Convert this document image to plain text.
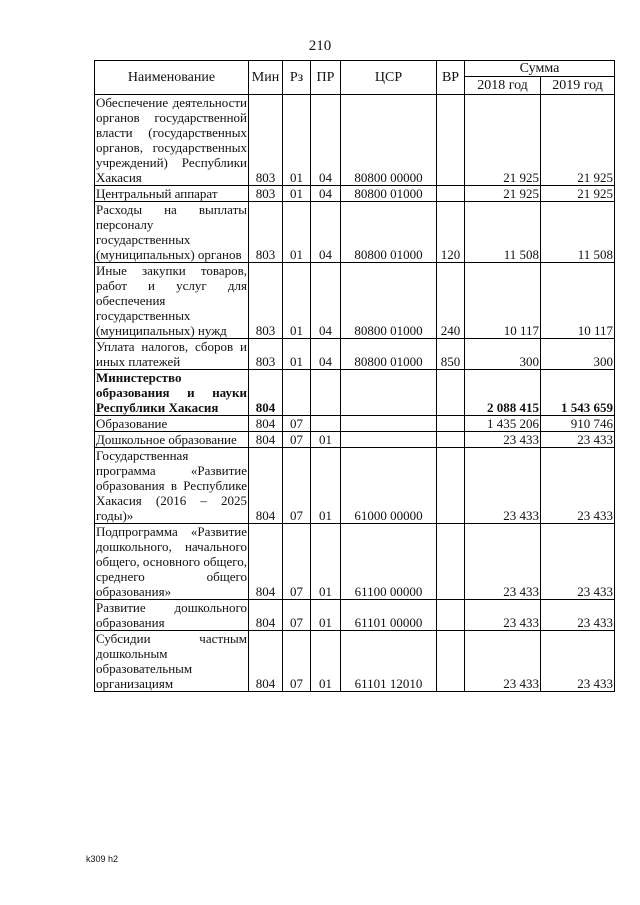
210
Наименование	Мин	Рз	ПР	ЦСР	ВР	Сумма	
						2018 год	2019 год
Обеспечение деятельности органов государственной власти (государственных органов, государственных учреждений) Республики Хакасия	803	01	04	80800 00000		21 925	21 925
Центральный аппарат	803	01	04	80800 01000		21 925	21 925
Расходы на выплаты персоналу государственных (муниципальных) органов	803	01	04	80800 01000	120	11 508	11 508
Иные закупки товаров, работ и услуг для обеспечения государственных (муниципальных) нужд	803	01	04	80800 01000	240	10 117	10 117
Уплата налогов, сборов и иных платежей	803	01	04	80800 01000	850	300	300
Министерство образования и науки Республики Хакасия	804					2 088 415	1 543 659
Образование	804	07				1 435 206	910 746
Дошкольное образование	804	07	01			23 433	23 433
Государственная программа «Развитие образования в Республике Хакасия (2016 – 2025 годы)»	804	07	01	61000 00000		23 433	23 433
Подпрограмма «Развитие дошкольного, начального общего, основного общего, среднего общего образования»	804	07	01	61100 00000		23 433	23 433
Развитие дошкольного образования	804	07	01	61101 00000		23 433	23 433
Субсидии частным дошкольным образовательным организациям	804	07	01	61101 12010		23 433	23 433
k309 h2
